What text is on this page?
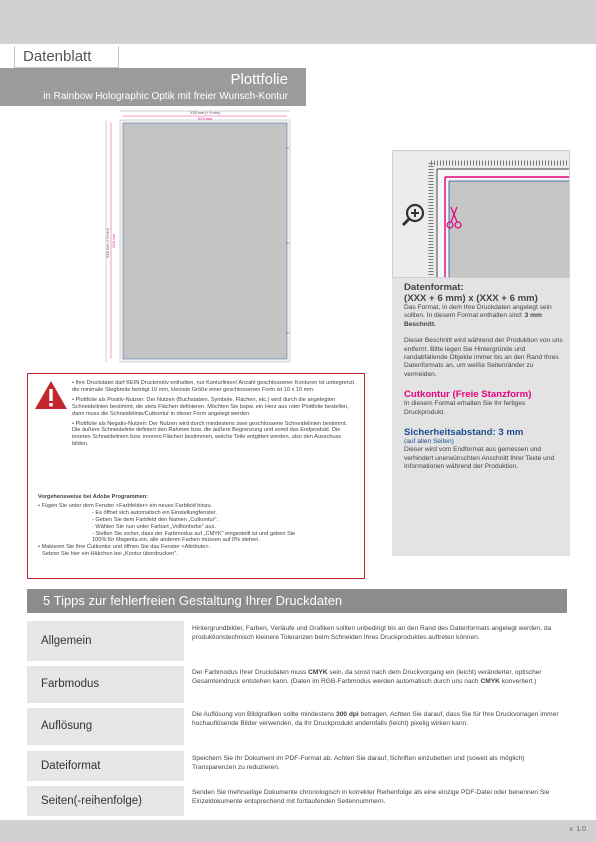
Datenblatt
Plottfolie
in Rainbow Holographic Optik mit freier Wunsch-Kontur
XXX mm (+ 6 mm)
XXX mm
XXX mm (+ 6 mm) XXX mm

• Ihre Druckdatei darf KEIN Druckmotiv enthalten, nur Konturlinien! Anzahl geschlossener Konturen ist unbegrenzt, die minimale Stegbreite beträgt 10 mm, kleinste Größe einer geschlossenen Form ist 10 x 10 mm.

• Plottfolie als Positiv-Nutzen: Der Nutzen (Buchstaben, Symbole, Flächen, etc.) wird durch die angelegten Schneidelinien bestimmt, die stets Flächen definieren. Möchten Sie bspw. ein Herz aus roter Plottfolie bestellen, dann muss die Schneidelinie/Cutkontur in dieser Form angelegt werden.

• Plottfolie als Negativ-Nutzen: Der Nutzen wird durch mindestens zwei geschlossene Schneidelinien bestimmt. Die äußere Schneidelinie definiert den Rahmen bzw. die äußere Begrenzung und somit das Endprodukt. Die inneren Schneidelinien bzw. inneren Flächen bestimmen, welche Teile entgittert werden, also den Ausschuss bilden.

Vorgehensweise bei Adobe Programmen:

• Fügen Sie unter dem Fenster <Farbfelder> ein neues Farbfeld hinzu.

- Es öffnet sich automatisch ein Einstellungfenster.

- Geben Sie dem Farbfeld den Namen „Cutkontur".

- Wählen Sie nun unter Farbart „Volltonfarbe" aus.

- Stellen Sie sicher, dass der Farbmodus auf „CMYK" eingestellt ist und geben Sie 100% für Magenta ein, alle anderen Farben müssen auf 0% stehen.

• Makieren Sie Ihre Cutkontur und öffnen Sie das Fenster <Attribute>.

Setzen Sie hier ein Häkchen bei „Kontur überdrucken".

Datenformat:
(XXX + 6 mm) x (XXX + 6 mm)
Das Format, in dem Ihre Druckdaten angelegt sein sollten. In diesem Format enthalten sind: 3 mm Beschnitt.
Dieser Beschnitt wird während der Produktion von uns entfernt. Bitte legen Sie Hintergründe und randabfallende Objekte immer bis an den Rand Ihres Datenformats an, um weiße Seitenränder zu vermeiden.
Cutkontur (Freie Stanzform)
In diesem Format erhalten Sie Ihr fertiges Druckprodukt.
Sicherheitsabstand: 3 mm
(auf allen Seiten)
Dieser wird vom Endformat aus gemessen und verhindert unerwünschten Anschnitt Ihrer Texte und Informationen während der Produktion.
5 Tipps zur fehlerfreien Gestaltung Ihrer Druckdaten
Allgemein
Hintergrundbilder, Farben, Verläufe und Grafiken sollten unbedingt bis an den Rand des Datenformats angelegt werden, da produktionstechnisch kleinere Toleranzen beim Schneiden Ihres Druckproduktes auftreten können.
Farbmodus
Der Farbmodus Ihrer Druckdaten muss CMYK sein, da sonst nach dem Druckvorgang ein (leicht) veränderter, optischer Gesamteindruck entstehen kann. (Daten im RGB-Farbmodus werden automatisch durch uns nach CMYK konvertiert.)
Auflösung
Die Auflösung von Bildgrafiken sollte mindestens 300 dpi betragen. Achten Sie darauf, dass Sie für Ihre Druckvorlagen immer hochauflösende Bilder verwenden, da Ihr Druckprodukt andernfalls (leicht) pixelig wirken kann.
Dateiformat
Speichern Sie Ihr Dokument im PDF-Format ab. Achten Sie darauf, Schriften einzubetten und (soweit als möglich) Transparenzen zu reduzieren.
Seiten(-reihenfolge)
Senden Sie mehrseitige Dokumente chronologisch in korrekter Reihenfolge als eine einzige PDF-Datei oder benennen Sie Einzeldokumente entsprechend mit fortlaufenden Seitennummern.
v. 1.0
